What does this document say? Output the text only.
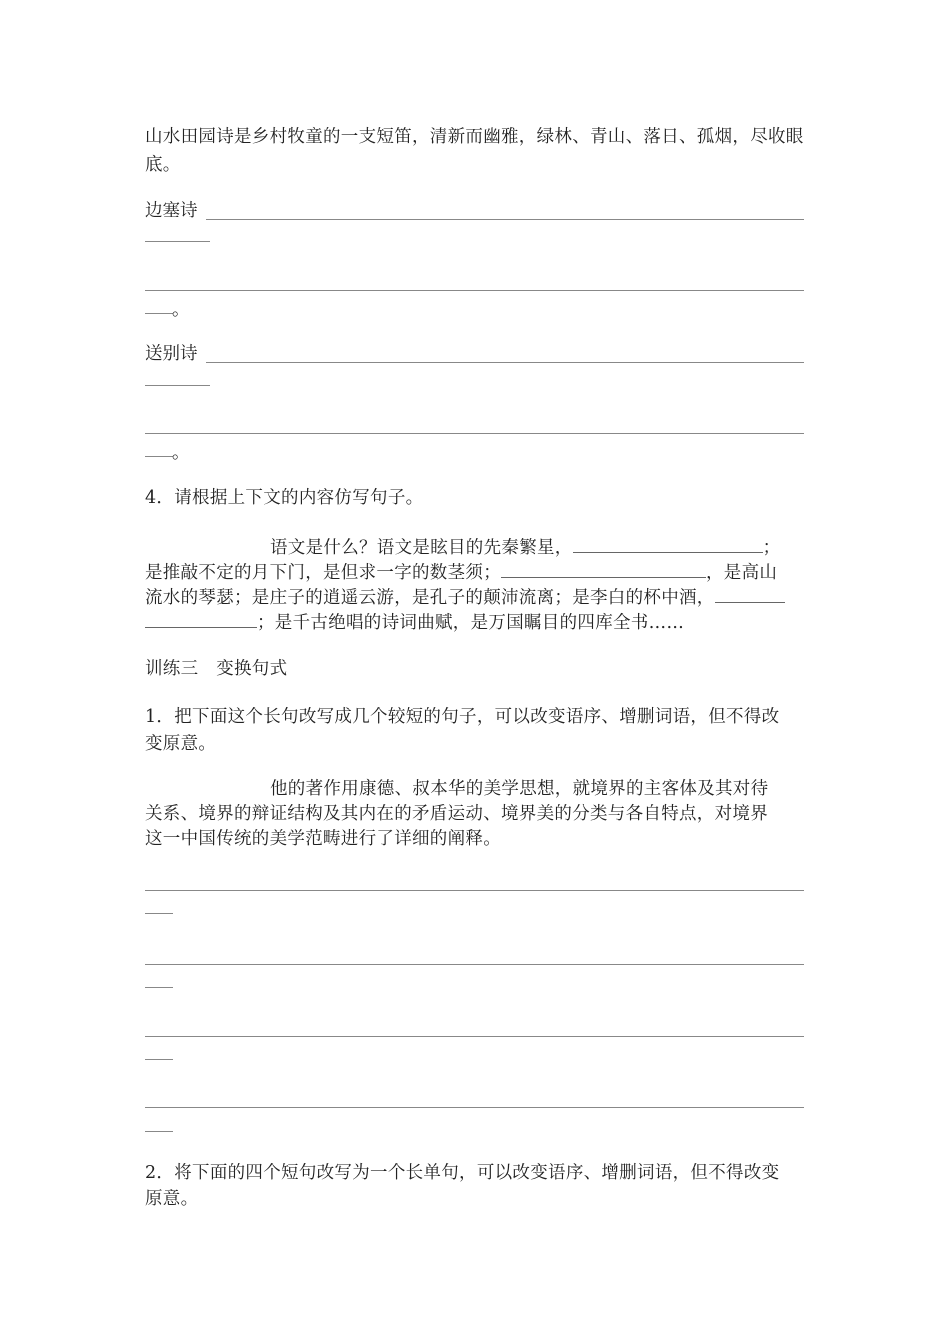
山水田园诗是乡村牧童的一支短笛，清新而幽雅，绿林、青山、落日、孤烟，尽收眼
底。
边塞诗
。
送别诗
。
4．请根据上下文的内容仿写句子。
语文是什么？语文是眩目的先秦繁星，	；
是推敲不定的月下门，是但求一字的数茎须；	，是高山
流水的琴瑟；是庄子的逍遥云游，是孔子的颠沛流离；是李白的杯中酒，
；是千古绝唱的诗词曲赋，是万国瞩目的四库全书……
训练三　变换句式
1．把下面这个长句改写成几个较短的句子，可以改变语序、增删词语，但不得改
变原意。
他的著作用康德、叔本华的美学思想，就境界的主客体及其对待
关系、境界的辩证结构及其内在的矛盾运动、境界美的分类与各自特点，对境界
这一中国传统的美学范畴进行了详细的阐释。
2．将下面的四个短句改写为一个长单句，可以改变语序、增删词语，但不得改变
原意。
